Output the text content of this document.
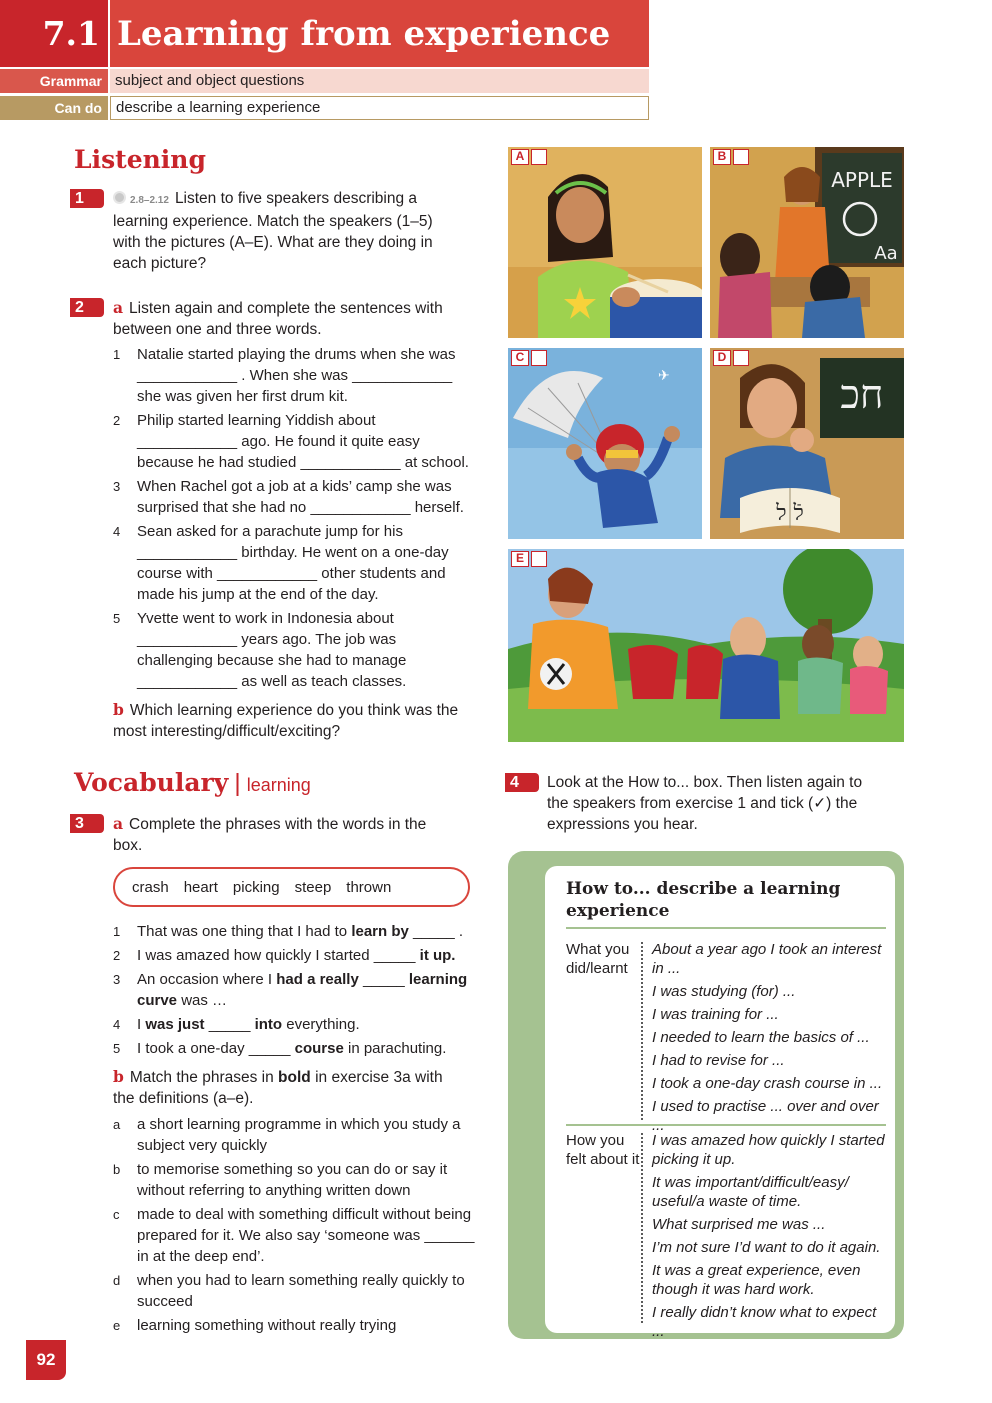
7.1 Learning from experience
Grammar subject and object questions
Can do describe a learning experience
Listening
1	2.8–2.12 Listen to five speakers describing a learning experience. Match the speakers (1–5) with the pictures (A–E). What are they doing in each picture?
2	a Listen again and complete the sentences with between one and three words.
1 Natalie started playing the drums when she was ____________ . When she was ____________ she was given her first drum kit.
2 Philip started learning Yiddish about ____________ ago. He found it quite easy because he had studied ____________ at school.
3 When Rachel got a job at a kids’ camp she was surprised that she had no ____________ herself.
4 Sean asked for a parachute jump for his ____________ birthday. He went on a one-day course with ____________ other students and made his jump at the end of the day.
5 Yvette went to work in Indonesia about ____________ years ago. The job was challenging because she had to manage ____________ as well as teach classes.
b Which learning experience do you think was the most interesting/difficult/exciting?
Vocabulary | learning
3	a Complete the phrases with the words in the box.
crash heart picking steep thrown
1 That was one thing that I had to learn by _____ .
2 I was amazed how quickly I started _____ it up.
3 An occasion where I had a really _____ learning curve was …
4 I was just _____ into everything.
5 I took a one-day _____ course in parachuting.
b Match the phrases in bold in exercise 3a with the definitions (a–e).
a a short learning programme in which you study a subject very quickly
b to memorise something so you can do or say it without referring to anything written down
c made to deal with something difficult without being prepared for it. We also say ‘someone was ______ in at the deep end’.
d when you had to learn something really quickly to succeed
e learning something without really trying
A
APPLE
Aa
B
✈
C
חכ
לֿ ל
D
E
4	Look at the How to... box. Then listen again to the speakers from exercise 1 and tick (✓) the expressions you hear.
How to... describe a learning experience
What you did/learnt
About a year ago I took an interest in ...
I was studying (for) ...
I was training for ...
I needed to learn the basics of ...
I had to revise for ...
I took a one-day crash course in ...
I used to practise ... over and over
How you felt about it
I was amazed how quickly I started picking it up.
It was important/difficult/easy/ useful/a waste of time.
What surprised me was ...
I’m not sure I’d want to do it again.
It was a great experience, even though it was hard work.
I really didn’t know what to expect ...
92
